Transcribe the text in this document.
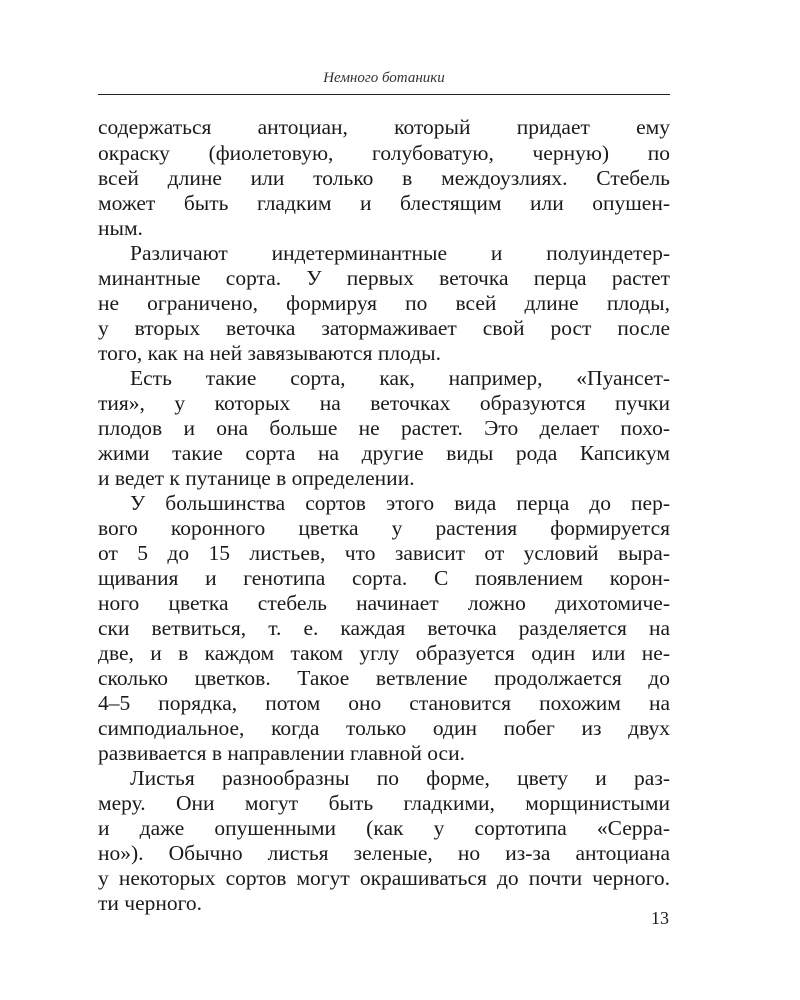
Немного ботаники
содержаться антоциан, который придает ему
окраску (фиолетовую, голубоватую, черную) по
всей длине или только в междоузлиях. Стебель
может быть гладким и блестящим или опушен-
ным.
Различают индетерминантные и полуиндетер-
минантные сорта. У первых веточка перца растет
не ограничено, формируя по всей длине плоды,
у вторых веточка затормаживает свой рост после
того, как на ней завязываются плоды.
Есть такие сорта, как, например, «Пуансет-
тия», у которых на веточках образуются пучки
плодов и она больше не растет. Это делает похо-
жими такие сорта на другие виды рода Капсикум
и ведет к путанице в определении.
У большинства сортов этого вида перца до пер-
вого коронного цветка у растения формируется
от 5 до 15 листьев, что зависит от условий выра-
щивания и генотипа сорта. С появлением корон-
ного цветка стебель начинает ложно дихотомиче-
ски ветвиться, т. е. каждая веточка разделяется на
две, и в каждом таком углу образуется один или не-
сколько цветков. Такое ветвление продолжается до
4–5 порядка, потом оно становится похожим на
симподиальное, когда только один побег из двух
развивается в направлении главной оси.
Листья разнообразны по форме, цвету и раз-
меру. Они могут быть гладкими, морщинистыми
и даже опушенными (как у сортотипа «Серра-
но»). Обычно листья зеленые, но из-за антоциана
у некоторых сортов могут окрашиваться до почти черного.
ти черного.
13
